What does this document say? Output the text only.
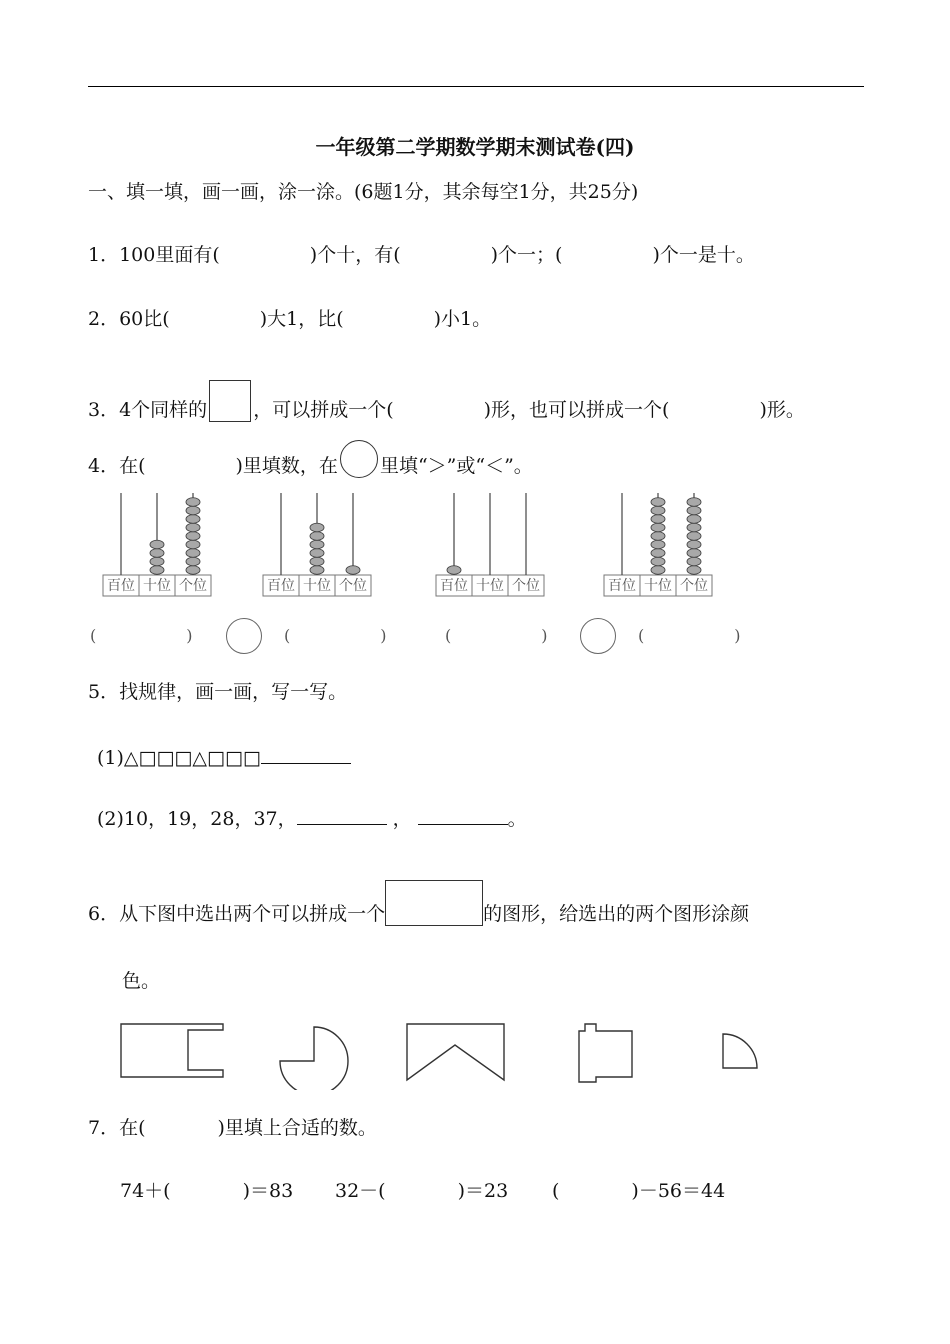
一年级第二学期数学期末测试卷(四)
一、填一填，画一画，涂一涂。(6题1分，其余每空1分，共25分)
1．100里面有(	)个十，有(	)个一；(	)个一是十。
2．60比(	)大1，比(	)小1。
3．4个同样的 ，可以拼成一个(	)形，也可以拼成一个(	)形。
4．在(	)里填数，在 里填“＞”或“＜”。
百位 十位 个位	百位 十位 个位	百位 十位 个位	百位 十位 个位
(	)	(	)	(	)	(	)
5．找规律，画一画，写一写。
(1)△□□□△□□□
(2)10，19，28，37，	，	。
6．从下图中选出两个可以拼成一个	的图形，给选出的两个图形涂颜
色。
7．在(	)里填上合适的数。
74＋(	)＝83 32－(	)＝23 (	)－56＝44
